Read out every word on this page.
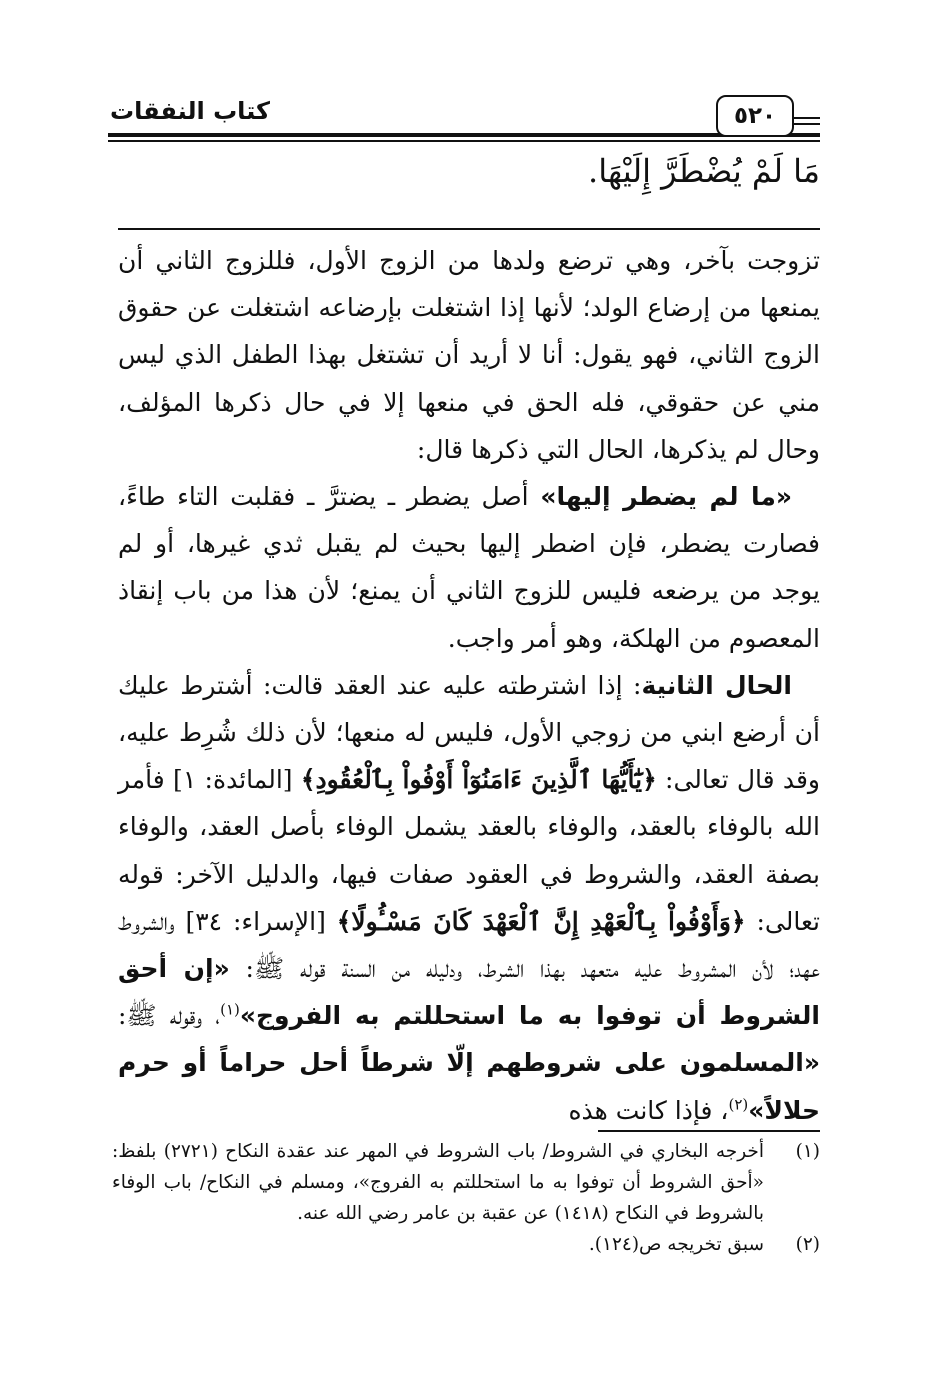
كتاب النفقات	٥٢٠
مَا لَمْ يُضْطَرَّ إِلَيْهَا.

تزوجت بآخر، وهي ترضع ولدها من الزوج الأول، فللزوج الثاني أن يمنعها من إرضاع الولد؛ لأنها إذا اشتغلت بإرضاعه اشتغلت عن حقوق الزوج الثاني، فهو يقول: أنا لا أريد أن تشتغل بهذا الطفل الذي ليس مني عن حقوقي، فله الحق في منعها إلا في حال ذكرها المؤلف، وحال لم يذكرها، الحال التي ذكرها قال:

«ما لم يضطر إليها» أصل يضطر ـ يضترَّ ـ فقلبت التاء طاءً، فصارت يضطر، فإن اضطر إليها بحيث لم يقبل ثدي غيرها، أو لم يوجد من يرضعه فليس للزوج الثاني أن يمنع؛ لأن هذا من باب إنقاذ المعصوم من الهلكة، وهو أمر واجب.

الحال الثانية: إذا اشترطته عليه عند العقد قالت: أشترط عليك أن أرضع ابني من زوجي الأول، فليس له منعها؛ لأن ذلك شُرِط عليه، وقد قال تعالى: ﴿يَٰٓأَيُّهَا ٱلَّذِينَ ءَامَنُوٓاْ أَوْفُواْ بِٱلْعُقُودِ﴾ [المائدة: ١] فأمر الله بالوفاء بالعقد، والوفاء بالعقد يشمل الوفاء بأصل العقد، والوفاء بصفة العقد، والشروط في العقود صفات فيها، والدليل الآخر: قوله تعالى: ﴿وَأَوْفُواْ بِٱلْعَهْدِ إِنَّ ٱلْعَهْدَ كَانَ مَسْـُٔولًا﴾ [الإسراء: ٣٤] والشروط عهد؛ لأن المشروط عليه متعهد بهذا الشرط، ودليله من السنة قوله ﷺ: «إن أحق الشروط أن توفوا به ما استحللتم به الفروج»$^{(١)}$، وقوله ﷺ: «المسلمون على شروطهم إلّا شرطاً أحل حراماً أو حرم حلالاً»$^{(٢)}$، فإذا كانت هذه

(١)
أخرجه البخاري في الشروط/ باب الشروط في المهر عند عقدة النكاح (٢٧٢١) بلفظ: «أحق الشروط أن توفوا به ما استحللتم به الفروج»، ومسلم في النكاح/ باب الوفاء بالشروط في النكاح (١٤١٨) عن عقبة بن عامر رضي الله عنه.
(٢)
سبق تخريجه ص(١٢٤).
